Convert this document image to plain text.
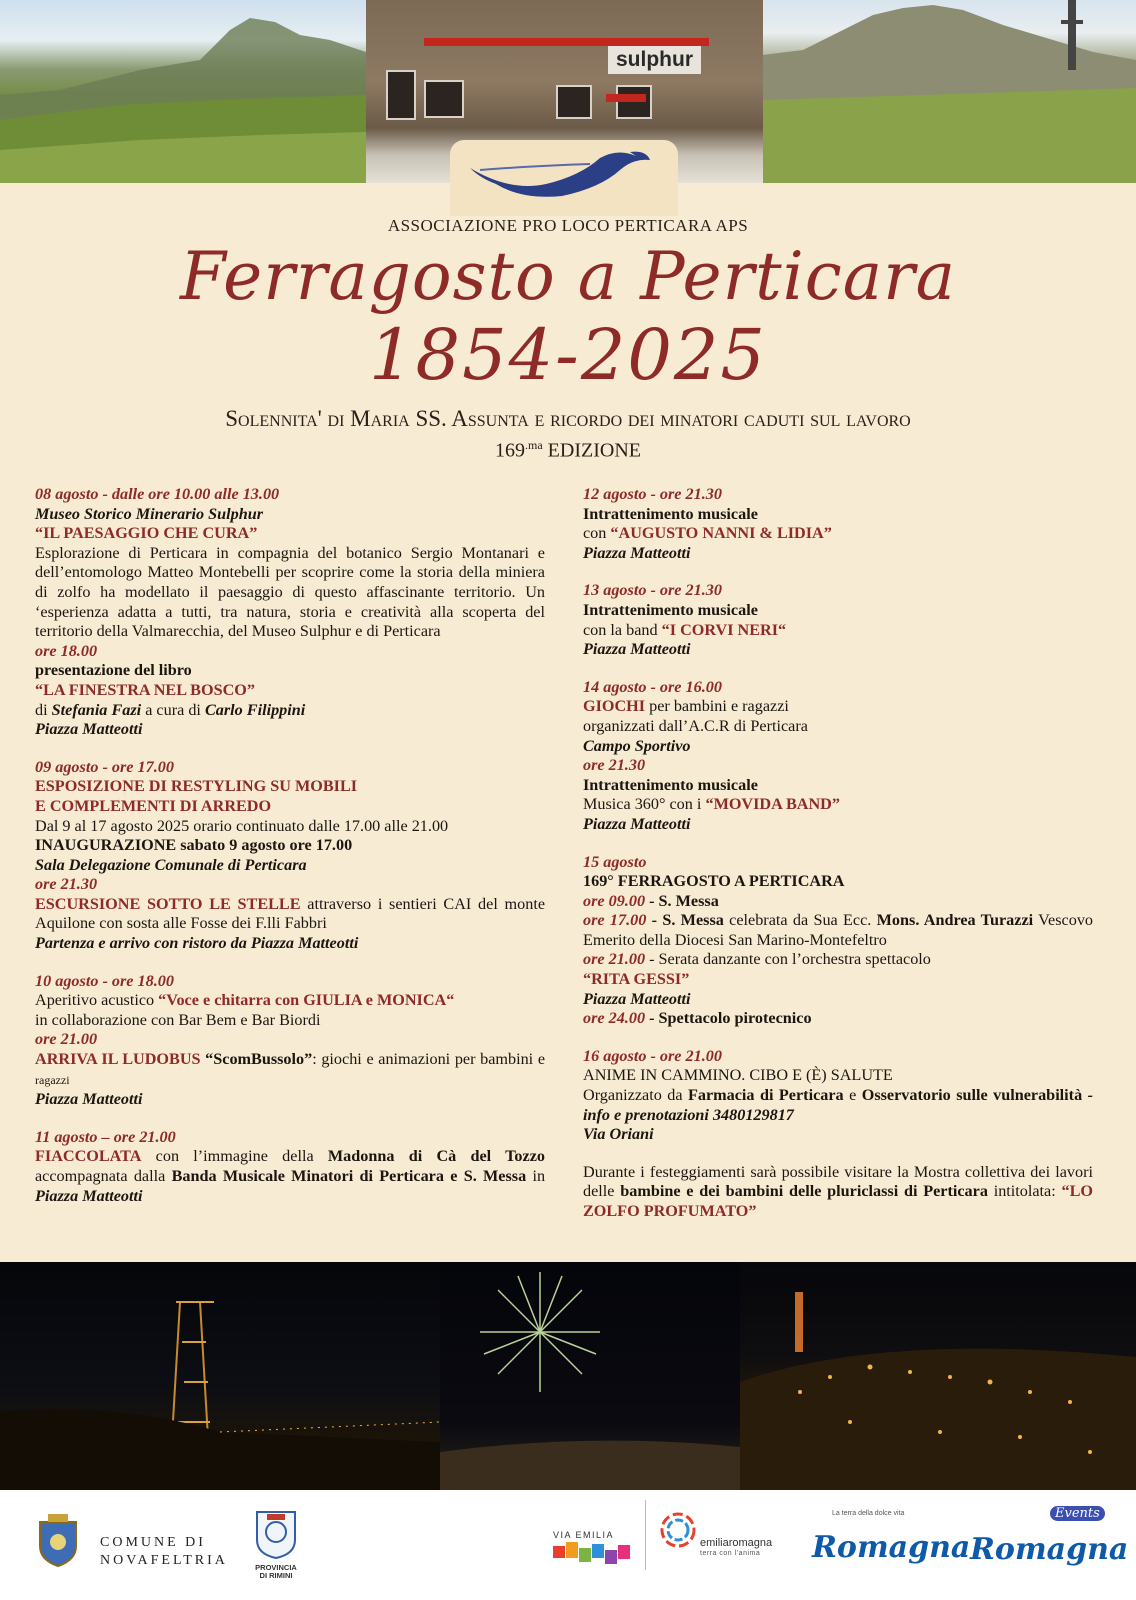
sulphur
ASSOCIAZIONE PRO LOCO PERTICARA APS
Ferragosto a Perticara
1854-2025
Solennita' di Maria SS. Assunta e ricordo dei minatori caduti sul lavoro
$169^{.ma}$ EDIZIONE

08 agosto - dalle ore 10.00 alle 13.00

Museo Storico Minerario Sulphur

“IL PAESAGGIO CHE CURA”

Esplorazione di Perticara in compagnia del botanico Sergio Montanari e dell’entomologo Matteo Montebelli per scoprire come la storia della miniera di zolfo ha modellato il paesaggio di questo affascinante territorio. Un ‘esperienza adatta a tutti, tra natura, storia e creatività alla scoperta del territorio della Valmarecchia, del Museo Sulphur e di Perticara

ore 18.00

presentazione del libro

“LA FINESTRA NEL BOSCO”

di Stefania Fazi a cura di Carlo Filippini

Piazza Matteotti

09 agosto - ore 17.00

ESPOSIZIONE DI RESTYLING SU MOBILI

E COMPLEMENTI DI ARREDO

Dal 9 al 17 agosto 2025 orario continuato dalle 17.00 alle 21.00

INAUGURAZIONE sabato 9 agosto ore 17.00

Sala Delegazione Comunale di Perticara

ore 21.30

ESCURSIONE SOTTO LE STELLE attraverso i sentieri CAI del monte Aquilone con sosta alle Fosse dei F.lli Fabbri

Partenza e arrivo con ristoro da Piazza Matteotti

10 agosto - ore 18.00

Aperitivo acustico “Voce e chitarra con GIULIA e MONICA“

in collaborazione con Bar Bem e Bar Biordi

ore 21.00

ARRIVA IL LUDOBUS “ScomBussolo”: giochi e animazioni per bambini e ragazzi

Piazza Matteotti

11 agosto – ore 21.00

FIACCOLATA con l’immagine della Madonna di Cà del Tozzo accompagnata dalla Banda Musicale Minatori di Perticara e S. Messa in Piazza Matteotti

12 agosto - ore 21.30

Intrattenimento musicale

con “AUGUSTO NANNI & LIDIA”

Piazza Matteotti

13 agosto - ore 21.30

Intrattenimento musicale

con la band “I CORVI NERI“

Piazza Matteotti

14 agosto - ore 16.00

GIOCHI per bambini e ragazzi

organizzati dall’A.C.R di Perticara

Campo Sportivo

ore 21.30

Intrattenimento musicale

Musica 360° con i “MOVIDA BAND”

Piazza Matteotti

15 agosto

169° FERRAGOSTO A PERTICARA

ore 09.00 - S. Messa

ore 17.00 - S. Messa celebrata da Sua Ecc. Mons. Andrea Turazzi Vescovo Emerito della Diocesi San Marino-Montefeltro

ore 21.00 - Serata danzante con l’orchestra spettacolo

“RITA GESSI”

Piazza Matteotti

ore 24.00 - Spettacolo pirotecnico

16 agosto - ore 21.00

ANIME IN CAMMINO. CIBO E (È) SALUTE

Organizzato da Farmacia di Perticara e Osservatorio sulle vulnerabilità - info e prenotazioni 3480129817

Via Oriani

Durante i festeggiamenti sarà possibile visitare la Mostra collettiva dei lavori delle bambine e dei bambini delle pluriclassi di Perticara intitolata: “LO ZOLFO PROFUMATO”

COMUNE DI
NOVAFELTRIA	PROVINCIA
DI RIMINI
VIA EMILIA
emiliaromagna
terra con l’anima
La terra della dolce vita
Romagna Romagna
Events
